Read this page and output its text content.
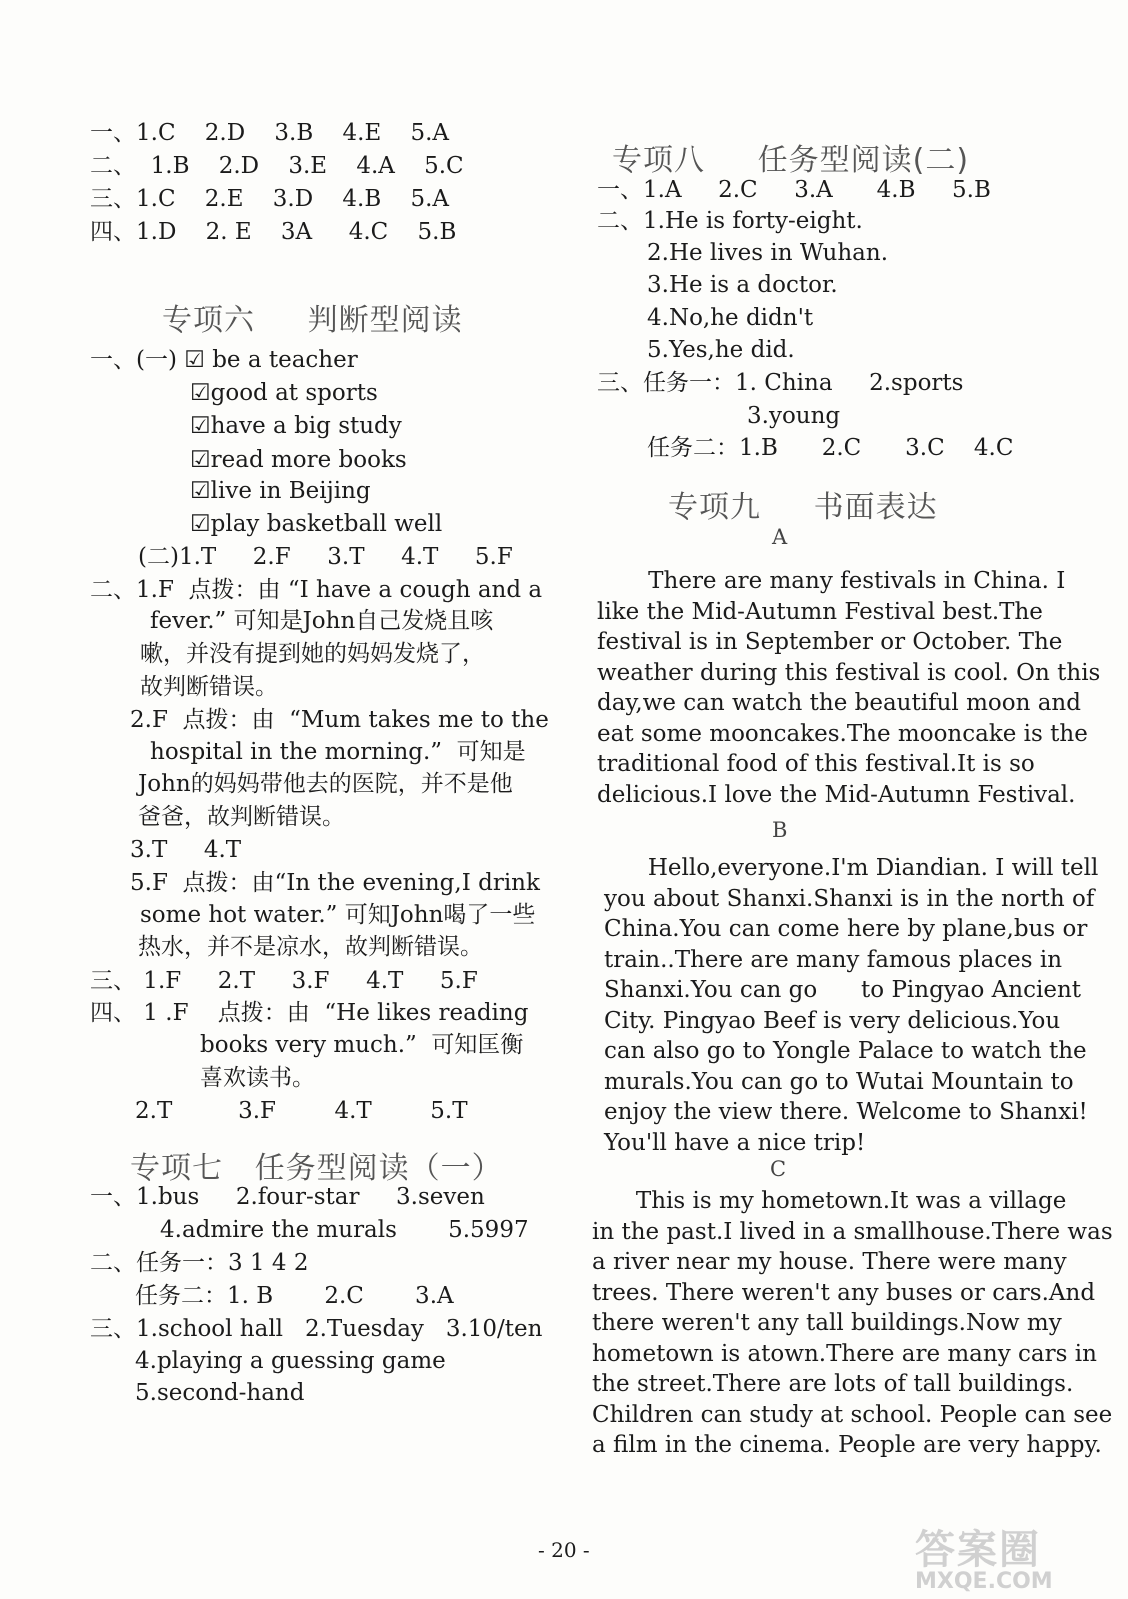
一、1.C    2.D    3.B    4.E    5.A
二、  1.B    2.D    3.E    4.A    5.C
三、1.C    2.E    3.D    4.B    5.A
四、1.D    2. E    3A     4.C    5.B
专项六     判断型阅读
一、(一) ☑ be a teacher
☑good at sports
☑have a big study
☑read more books
☑live in Beijing
☑play basketball well
(二)1.T     2.F     3.T     4.T     5.F
二、1.F  点拨：由 “I have a cough and a
fever.” 可知是John自己发烧且咳
嗽，并没有提到她的妈妈发烧了，
故判断错误。
2.F  点拨：由  “Mum takes me to the
hospital in the morning.”  可知是
John的妈妈带他去的医院，并不是他
爸爸，故判断错误。
3.T     4.T
5.F  点拨：由“In the evening,I drink
some hot water.” 可知John喝了一些
热水，并不是凉水，故判断错误。
三、 1.F     2.T     3.F     4.T     5.F
四、 1 .F    点拨：由  “He likes reading
books very much.”  可知匡衡
喜欢读书。
2.T         3.F        4.T        5.T
专项七   任务型阅读（一）
一、1.bus     2.four-star     3.seven
4.admire the murals       5.5997
二、任务一：3 1 4 2
任务二：1. B       2.C       3.A
三、1.school hall   2.Tuesday   3.10/ten
4.playing a guessing game
5.second-hand
专项八     任务型阅读(二)
一、1.A     2.C     3.A      4.B     5.B
二、1.He is forty-eight.
2.He lives in Wuhan.
3.He is a doctor.
4.No,he didn't
5.Yes,he did.
三、任务一：1. China     2.sports
3.young
任务二：1.B      2.C      3.C    4.C
专项九     书面表达
A

There are many festivals in China. I

like the Mid-Autumn Festival best.The

festival is in September or October. The

weather during this festival is cool. On this

day,we can watch the beautiful moon and

eat some mooncakes.The mooncake is the

traditional food of this festival.It is so

delicious.I love the Mid-Autumn Festival.

B

Hello,everyone.I'm Diandian. I will tell

you about Shanxi.Shanxi is in the north of

China.You can come here by plane,bus or

train..There are many famous places in

Shanxi.You can go      to Pingyao Ancient

City. Pingyao Beef is very delicious.You

can also go to Yongle Palace to watch the

murals.You can go to Wutai Mountain to

enjoy the view there. Welcome to Shanxi!

You'll have a nice trip!

C

This is my hometown.It was a village

in the past.I lived in a smallhouse.There was

a river near my house. There were many

trees. There weren't any buses or cars.And

there weren't any tall buildings.Now my

hometown is atown.There are many cars in

the street.There are lots of tall buildings.

Children can study at school. People can see

a film in the cinema. People are very happy.

- 20 -	答案圈
MXQE.COM
